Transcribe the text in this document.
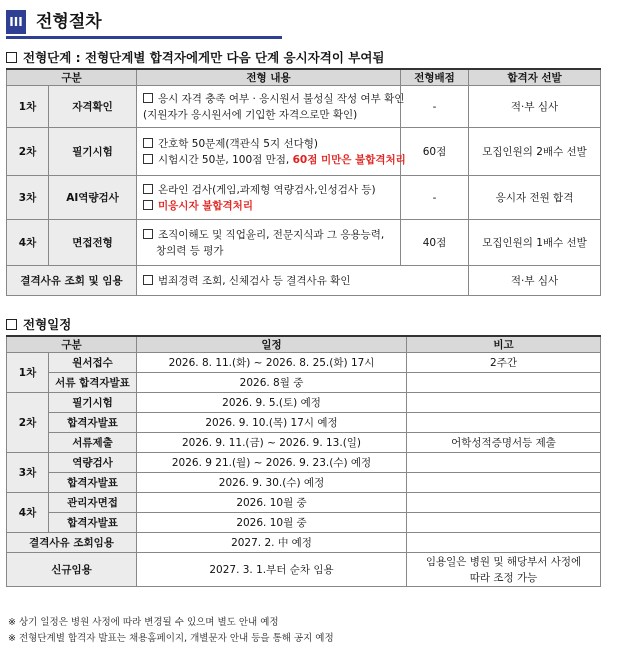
III 전형절차
전형단계 : 전형단계별 합격자에게만 다음 단계 응시자격이 부여됨
구분		전형 내용	전형배점	합격자 선발
1차	자격확인	응시 자격 충족 여부 · 응시원서 불성실 작성 여부 확인
(지원자가 응시원서에 기입한 자격으로만 확인)	-	적·부 심사
2차	필기시험	간호학 50문제(객관식 5지 선다형)
시험시간 50분, 100점 만점, 60점 미만은 불합격처리	60점	모집인원의 2배수 선발
3차	AI역량검사	온라인 검사(게임,과제형 역량검사,인성검사 등)
미응시자 불합격처리	-	응시자 전원 합격
4차	면접전형	조직이해도 및 직업윤리, 전문지식과 그 응용능력,
창의력 등 평가	40점	모집인원의 1배수 선발
결격사유 조회 및 임용		범죄경력 조회, 신체검사 등 결격사유 확인		적·부 심사
전형일정
구분		일정	비고
1차	원서접수	2026. 8. 11.(화) ~ 2026. 8. 25.(화) 17시	2주간
	서류 합격자발표	2026. 8월 중	
2차	필기시험	2026. 9. 5.(토) 예정	
	합격자발표	2026. 9. 10.(목) 17시 예정	
	서류제출	2026. 9. 11.(금) ~ 2026. 9. 13.(일)	어학성적증명서등 제출
3차	역량검사	2026. 9 21.(월) ~ 2026. 9. 23.(수) 예정	
	합격자발표	2026. 9. 30.(수) 예정	
4차	관리자면접	2026. 10월 중	
	합격자발표	2026. 10월 중	
결격사유 조회임용		2027. 2. 中 예정	
신규임용		2027. 3. 1.부터 순차 임용	임용일은 병원 및 해당부서 사정에
따라 조정 가능
※ 상기 일정은 병원 사정에 따라 변경될 수 있으며 별도 안내 예정
※ 전형단계별 합격자 발표는 채용홈페이지, 개별문자 안내 등을 통해 공지 예정
